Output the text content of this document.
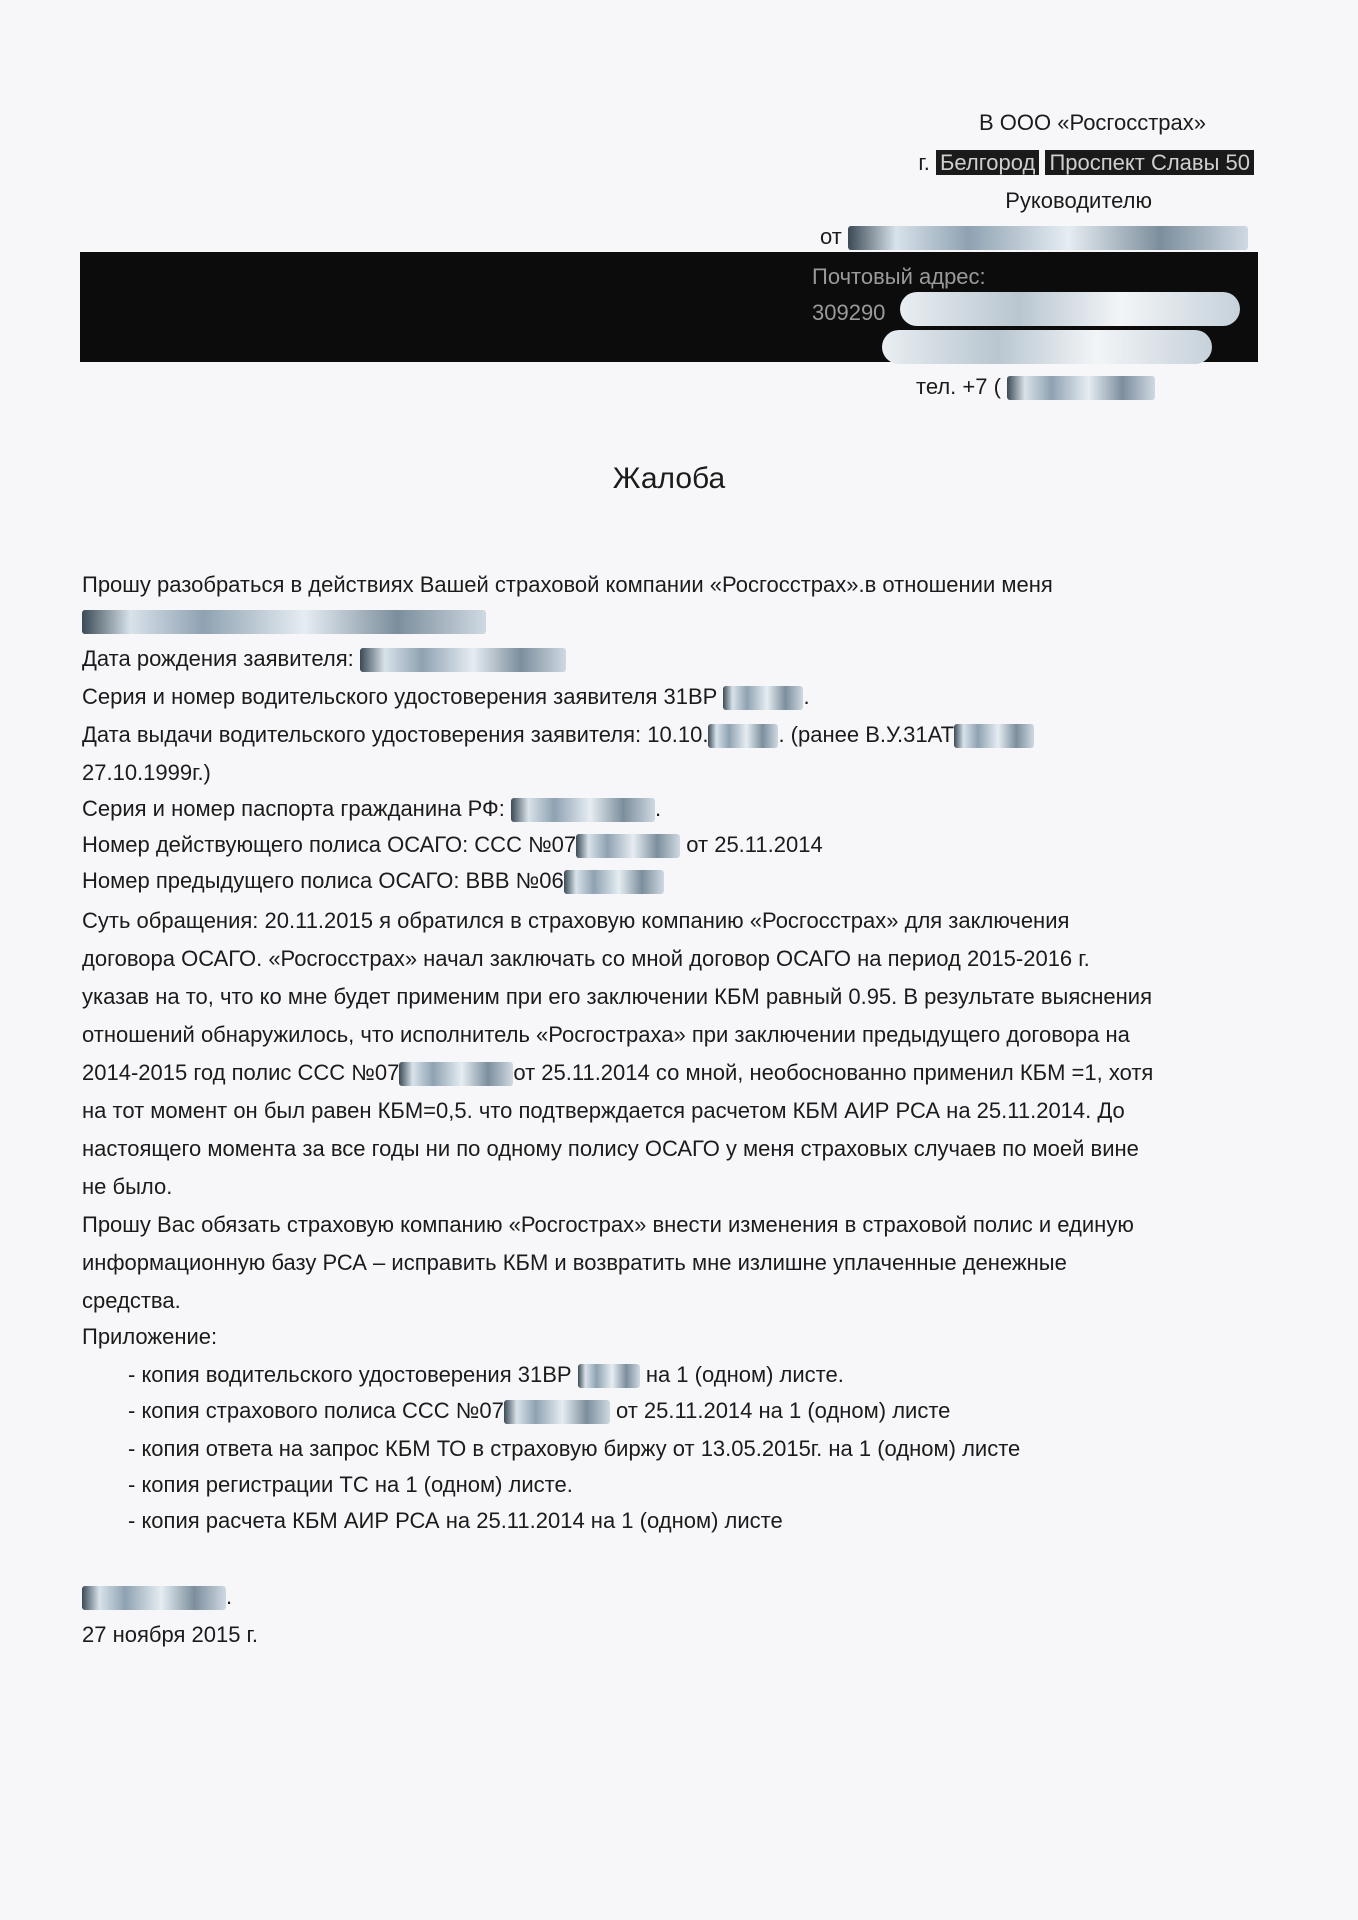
В ООО «Росгосстрах»
г. Белгород Проспект Славы 50
Руководителю
от
Почтовый адрес:
309290
тел. +7 (
Жалоба
Прошу разобраться в действиях Вашей страховой компании «Росгосстрах».в отношении меня
Дата рождения заявителя:
Серия и номер водительского удостоверения заявителя 31ВР	.
Дата выдачи водительского удостоверения заявителя: 10.10.	. (ранее В.У.31АТ
27.10.1999г.)
Серия и номер паспорта гражданина РФ:	.
Номер действующего полиса ОСАГО: ССС №07	от 25.11.2014
Номер предыдущего полиса ОСАГО: ВВВ №06
Суть обращения: 20.11.2015 я обратился в страховую компанию «Росгосстрах» для заключения
договора ОСАГО. «Росгосстрах» начал заключать со мной договор ОСАГО на период 2015-2016 г.
указав на то, что ко мне будет применим при его заключении КБМ равный 0.95. В результате выяснения
отношений обнаружилось, что исполнитель «Росгостраха» при заключении предыдущего договора на
2014-2015 год полис ССС №07	от 25.11.2014 со мной, необоснованно применил КБМ =1, хотя
на тот момент он был равен КБМ=0,5. что подтверждается расчетом КБМ АИР РСА на 25.11.2014. До
настоящего момента за все годы ни по одному полису ОСАГО у меня страховых случаев по моей вине
не было.
Прошу Вас обязать страховую компанию «Росгострах» внести изменения в страховой полис и единую
информационную базу РСА – исправить КБМ и возвратить мне излишне уплаченные денежные
средства.
Приложение:
- копия водительского удостоверения 31ВР	на 1 (одном) листе.
- копия страхового полиса ССС №07	от 25.11.2014 на 1 (одном) листе
- копия ответа на запрос КБМ ТО в страховую биржу от 13.05.2015г. на 1 (одном) листе
- копия регистрации ТС на 1 (одном) листе.
- копия расчета КБМ АИР РСА на 25.11.2014 на 1 (одном) листе
.
27 ноября 2015 г.
